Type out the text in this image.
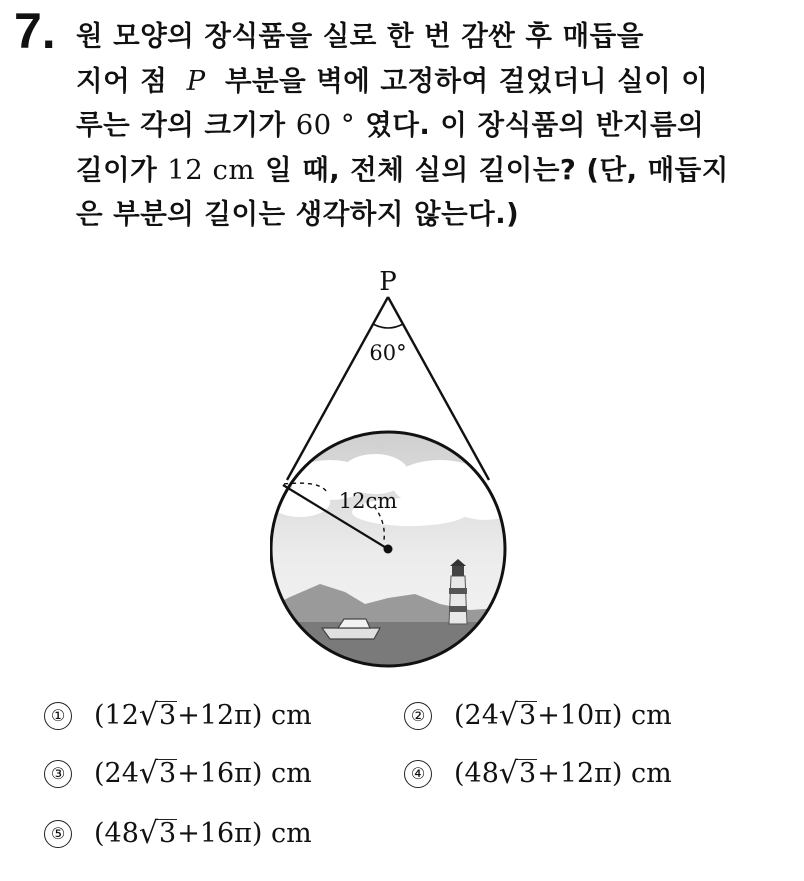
7. 원 모양의 장식품을 실로 한 번 감싼 후 매듭을
지어 점 P 부분을 벽에 고정하여 걸었더니 실이 이
루는 각의 크기가 60 ° 였다. 이 장식품의 반지름의
길이가 12 cm 일 때, 전체 실의 길이는? (단, 매듭지
은 부분의 길이는 생각하지 않는다.)
P
60°
12cm
① (12 √ 3 +12π) cm	② (24 √ 3 +10π) cm
③ (24 √ 3 +16π) cm	④ (48 √ 3 +12π) cm
⑤ (48 √ 3 +16π) cm
